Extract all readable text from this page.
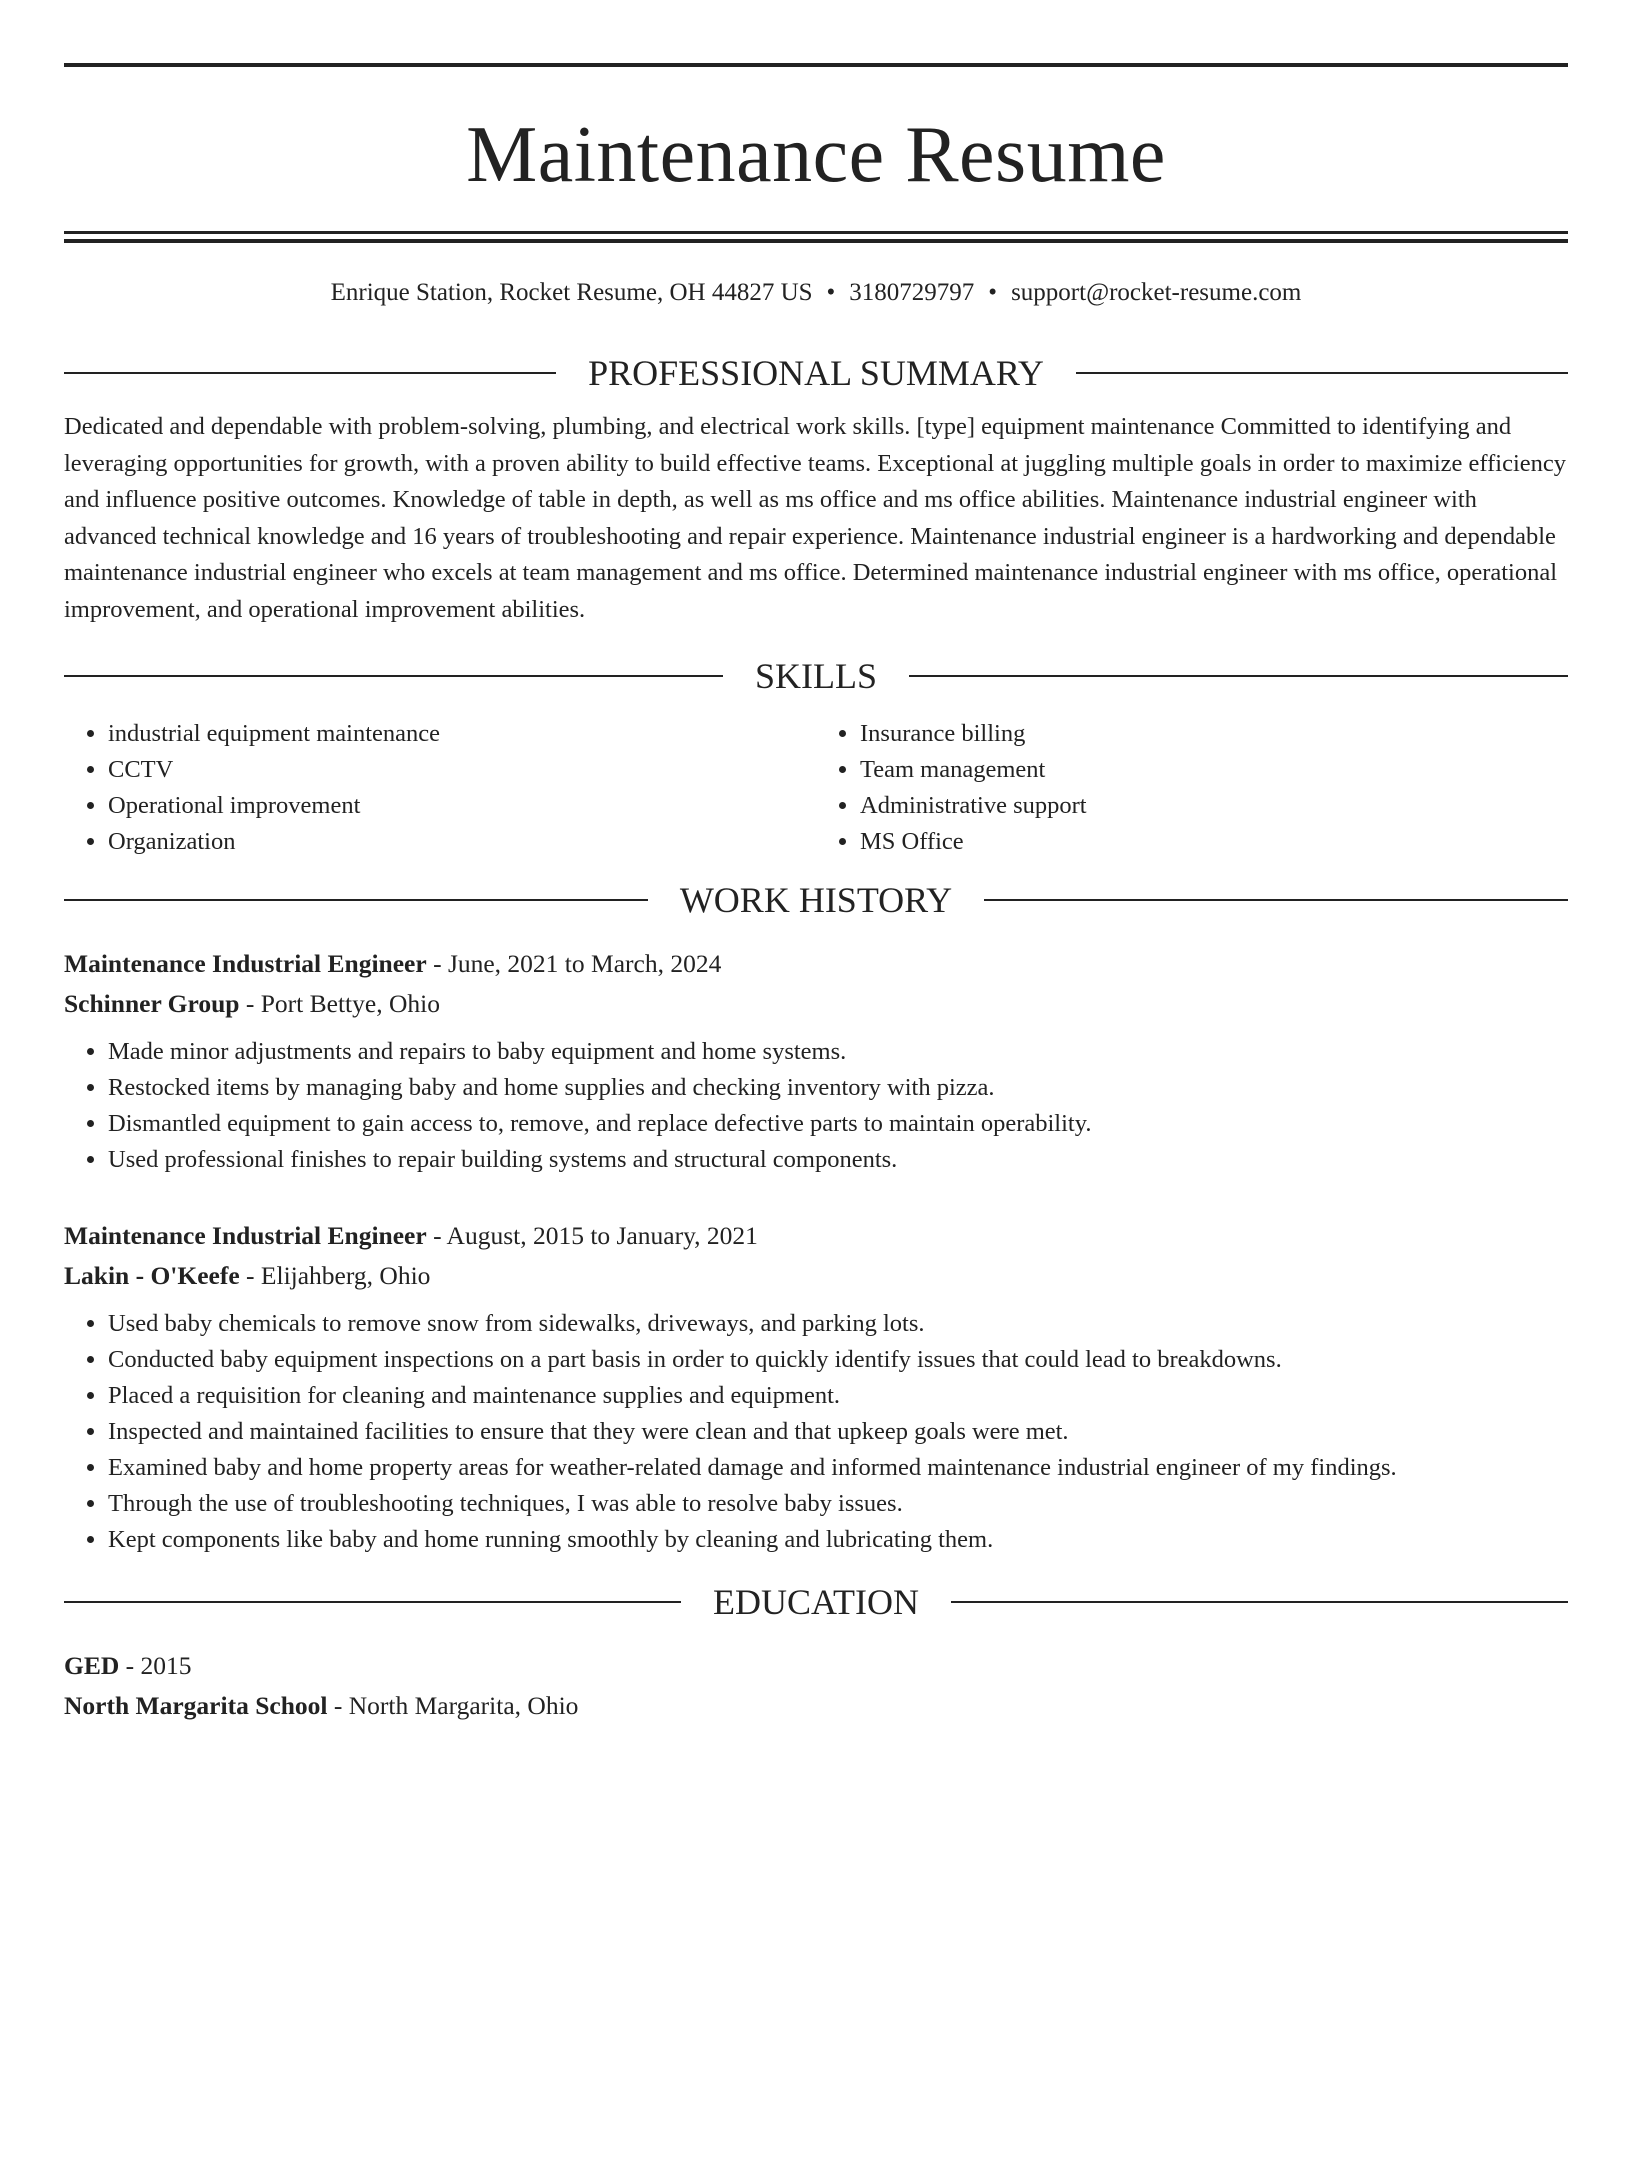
Maintenance Resume
Enrique Station, Rocket Resume, OH 44827 US • 3180729797 • support@rocket-resume.com
PROFESSIONAL SUMMARY

Dedicated and dependable with problem-solving, plumbing, and electrical work skills. [type] equipment maintenance Committed to identifying and leveraging opportunities for growth, with a proven ability to build effective teams. Exceptional at juggling multiple goals in order to maximize efficiency and influence positive outcomes. Knowledge of table in depth, as well as ms office and ms office abilities. Maintenance industrial engineer with advanced technical knowledge and 16 years of troubleshooting and repair experience. Maintenance industrial engineer is a hardworking and dependable maintenance industrial engineer who excels at team management and ms office. Determined maintenance industrial engineer with ms office, operational improvement, and operational improvement abilities.

SKILLS
• industrial equipment maintenance
• CCTV
• Operational improvement
• Organization
• Insurance billing
• Team management
• Administrative support
• MS Office
WORK HISTORY
Maintenance Industrial Engineer - June, 2021 to March, 2024
Schinner Group - Port Bettye, Ohio
• Made minor adjustments and repairs to baby equipment and home systems.
• Restocked items by managing baby and home supplies and checking inventory with pizza.
• Dismantled equipment to gain access to, remove, and replace defective parts to maintain operability.
• Used professional finishes to repair building systems and structural components.
Maintenance Industrial Engineer - August, 2015 to January, 2021
Lakin - O'Keefe - Elijahberg, Ohio
• Used baby chemicals to remove snow from sidewalks, driveways, and parking lots.
• Conducted baby equipment inspections on a part basis in order to quickly identify issues that could lead to breakdowns.
• Placed a requisition for cleaning and maintenance supplies and equipment.
• Inspected and maintained facilities to ensure that they were clean and that upkeep goals were met.
• Examined baby and home property areas for weather-related damage and informed maintenance industrial engineer of my findings.
• Through the use of troubleshooting techniques, I was able to resolve baby issues.
• Kept components like baby and home running smoothly by cleaning and lubricating them.
EDUCATION
GED - 2015
North Margarita School - North Margarita, Ohio
